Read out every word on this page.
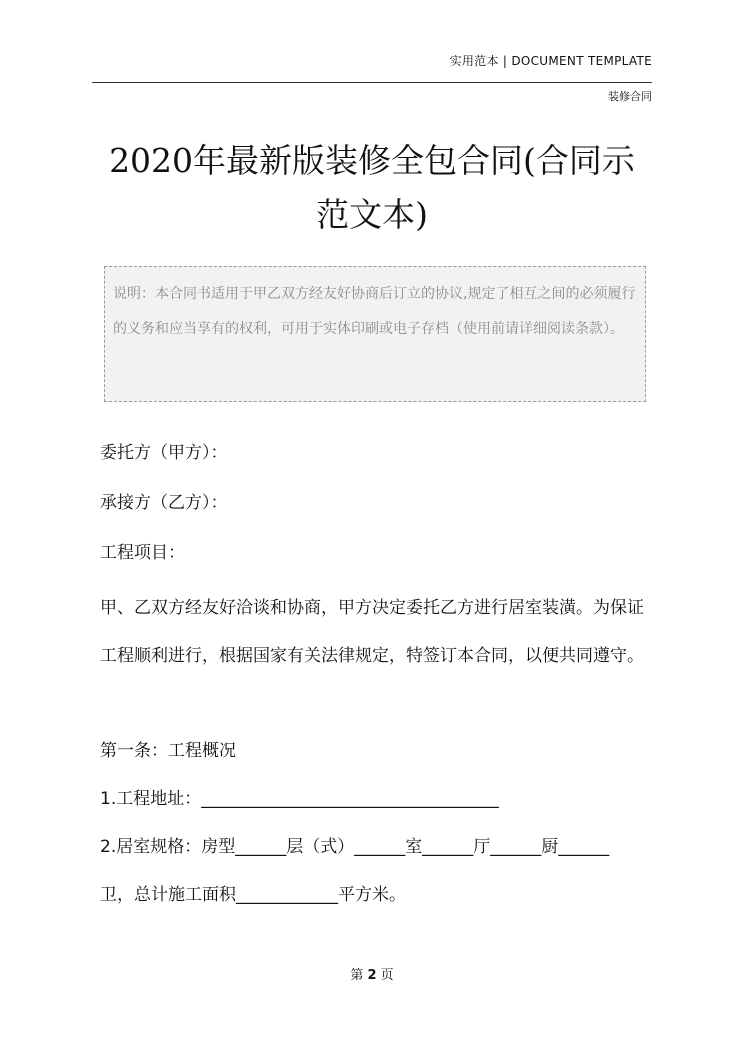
实用范本 | DOCUMENT TEMPLATE
装修合同
2020年最新版装修全包合同(合同示范文本)
说明：本合同书适用于甲乙双方经友好协商后订立的协议,规定了相互之间的必须履行的义务和应当享有的权利，可用于实体印刷或电子存档（使用前请详细阅读条款）。
委托方（甲方）：
承接方（乙方）：
工程项目：
甲、乙双方经友好洽谈和协商，甲方决定委托乙方进行居室装潢。为保证工程顺利进行，根据国家有关法律规定，特签订本合同，以便共同遵守。
第一条：工程概况
1.工程地址：___________________________________
2.居室规格：房型______层（式）______室______厅______厨______
卫，总计施工面积____________平方米。
第 2 页
